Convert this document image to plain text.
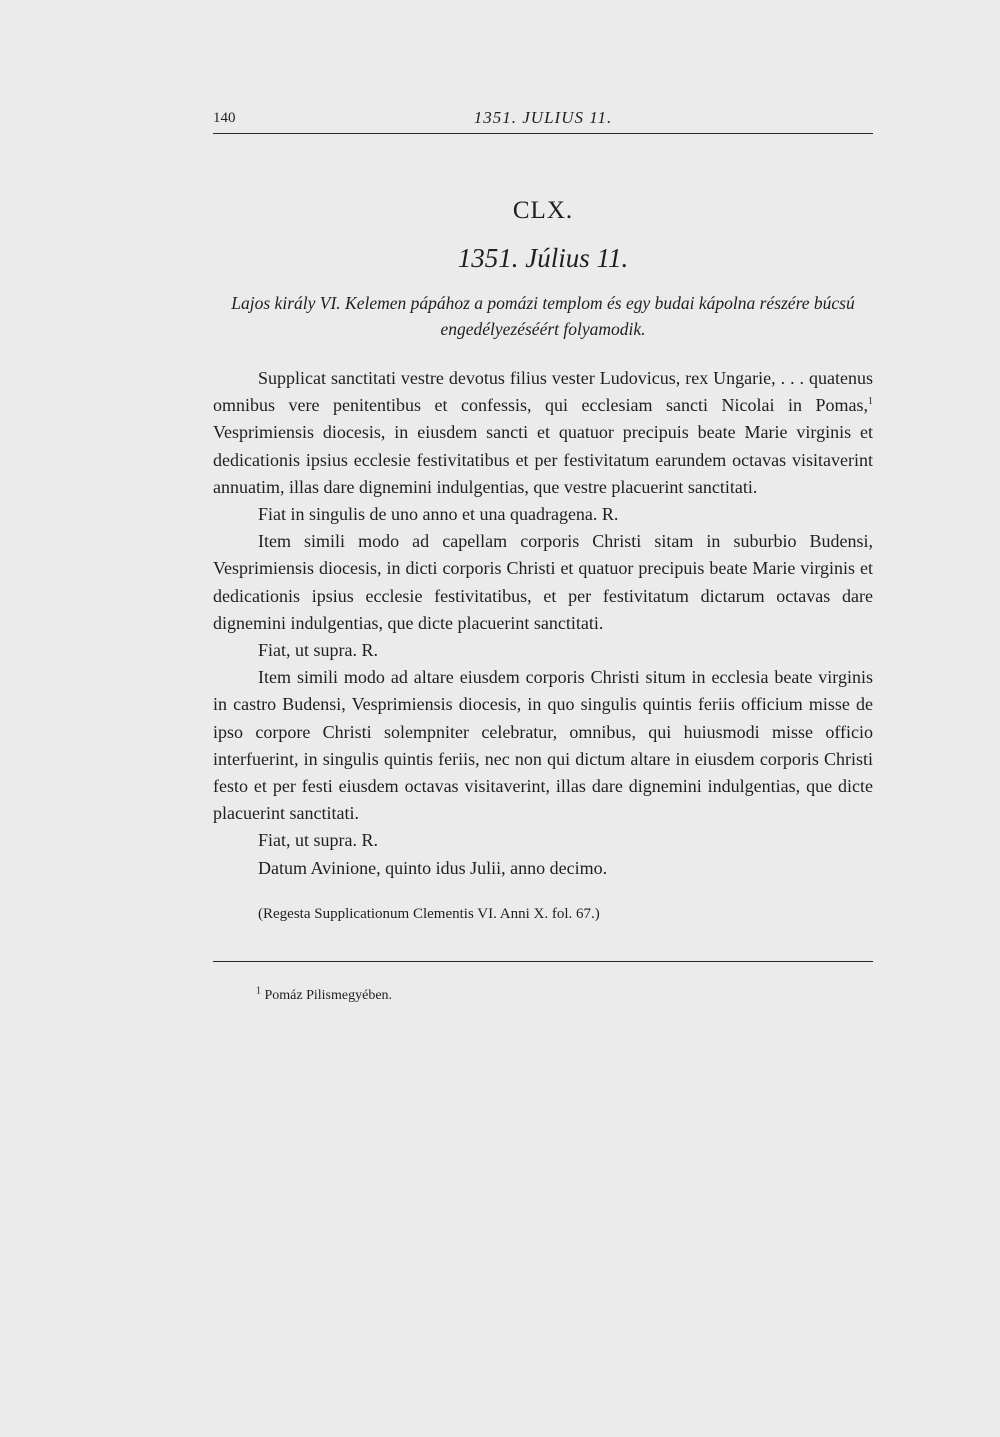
140	1351. JULIUS 11.
CLX.
1351. Július 11.
Lajos király VI. Kelemen pápához a pomázi templom és egy budai kápolna részére búcsú engedélyezéséért folyamodik.

Supplicat sanctitati vestre devotus filius vester Ludovicus, rex Ungarie, . . . quatenus omnibus vere penitentibus et confessis, qui ecclesiam sancti Nicolai in Pomas,$^1$ Vesprimiensis diocesis, in eiusdem sancti et quatuor precipuis beate Marie virginis et dedicationis ipsius ecclesie festivitatibus et per festivitatum earundem octavas visitaverint annuatim, illas dare dignemini indulgentias, que vestre placuerint sanctitati.

Fiat in singulis de uno anno et una quadragena. R.

Item simili modo ad capellam corporis Christi sitam in suburbio Budensi, Vesprimiensis diocesis, in dicti corporis Christi et quatuor precipuis beate Marie virginis et dedicationis ipsius ecclesie festivitatibus, et per festivitatum dictarum octavas dare dignemini indulgentias, que dicte placuerint sanctitati.

Fiat, ut supra. R.

Item simili modo ad altare eiusdem corporis Christi situm in ecclesia beate virginis in castro Budensi, Vesprimiensis diocesis, in quo singulis quintis feriis officium misse de ipso corpore Christi solempniter celebratur, omnibus, qui huiusmodi misse officio interfuerint, in singulis quintis feriis, nec non qui dictum altare in eiusdem corporis Christi festo et per festi eiusdem octavas visitaverint, illas dare dignemini indulgentias, que dicte placuerint sanctitati.

Fiat, ut supra. R.

Datum Avinione, quinto idus Julii, anno decimo.

(Regesta Supplicationum Clementis VI. Anni X. fol. 67.)
$^1$ Pomáz Pilismegyében.
